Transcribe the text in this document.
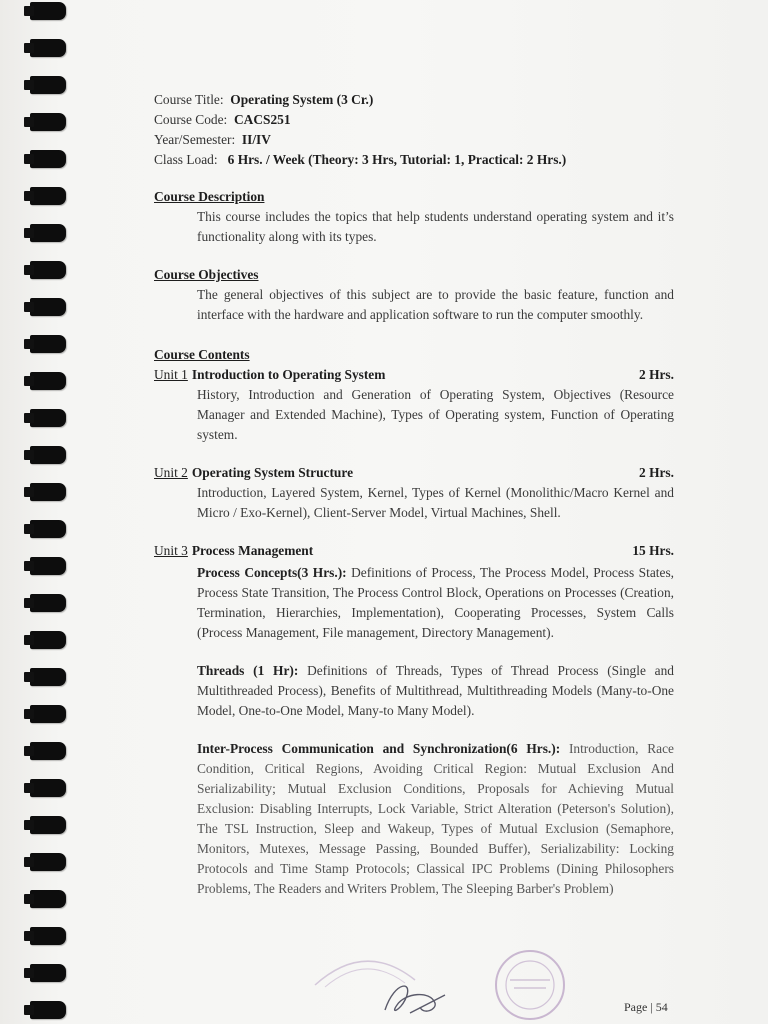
Course Title: Operating System (3 Cr.)
Course Code: CACS251
Year/Semester: II/IV
Class Load: 6 Hrs. / Week (Theory: 3 Hrs, Tutorial: 1, Practical: 2 Hrs.)
Course Description
This course includes the topics that help students understand operating system and it’s functionality along with its types.
Course Objectives
The general objectives of this subject are to provide the basic feature, function and interface with the hardware and application software to run the computer smoothly.
Course Contents
Unit 1 Introduction to Operating System	2 Hrs.
History, Introduction and Generation of Operating System, Objectives (Resource Manager and Extended Machine), Types of Operating system, Function of Operating system.
Unit 2 Operating System Structure	2 Hrs.
Introduction, Layered System, Kernel, Types of Kernel (Monolithic/Macro Kernel and Micro / Exo-Kernel), Client-Server Model, Virtual Machines, Shell.
Unit 3 Process Management	15 Hrs.
Process Concepts(3 Hrs.): Definitions of Process, The Process Model, Process States, Process State Transition, The Process Control Block, Operations on Processes (Creation, Termination, Hierarchies, Implementation), Cooperating Processes, System Calls (Process Management, File management, Directory Management).
Threads (1 Hr): Definitions of Threads, Types of Thread Process (Single and Multithreaded Process), Benefits of Multithread, Multithreading Models (Many-to-One Model, One-to-One Model, Many-to Many Model).
Inter-Process Communication and Synchronization(6 Hrs.): Introduction, Race Condition, Critical Regions, Avoiding Critical Region: Mutual Exclusion And Serializability; Mutual Exclusion Conditions, Proposals for Achieving Mutual Exclusion: Disabling Interrupts, Lock Variable, Strict Alteration (Peterson's Solution), The TSL Instruction, Sleep and Wakeup, Types of Mutual Exclusion (Semaphore, Monitors, Mutexes, Message Passing, Bounded Buffer), Serializability: Locking Protocols and Time Stamp Protocols; Classical IPC Problems (Dining Philosophers Problems, The Readers and Writers Problem, The Sleeping Barber's Problem)
Page | 54
